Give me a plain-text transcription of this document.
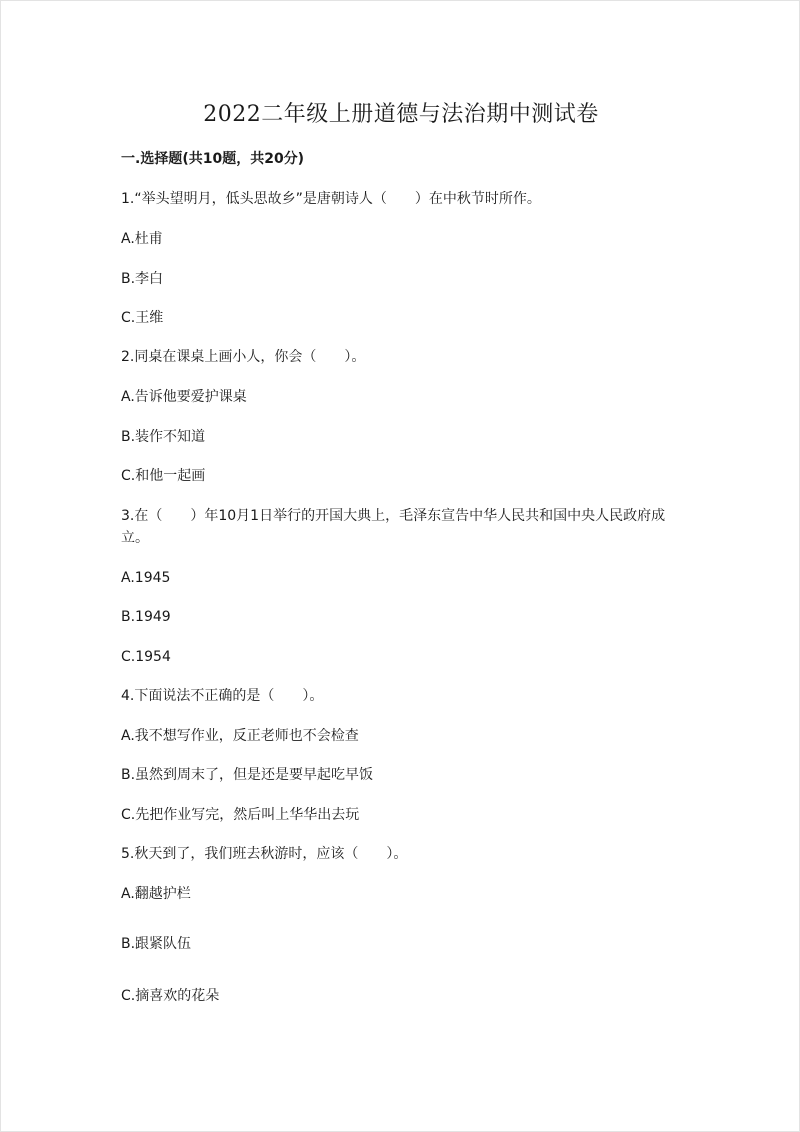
2022二年级上册道德与法治期中测试卷
一.选择题(共10题，共20分)
1.“举头望明月，低头思故乡”是唐朝诗人（　　）在中秋节时所作。
A.杜甫
B.李白
C.王维
2.同桌在课桌上画小人，你会（　　）。
A.告诉他要爱护课桌
B.装作不知道
C.和他一起画
3.在（　　）年10月1日举行的开国大典上，毛泽东宣告中华人民共和国中央人民政府成立。
A.1945
B.1949
C.1954
4.下面说法不正确的是（　　）。
A.我不想写作业，反正老师也不会检查
B.虽然到周末了，但是还是要早起吃早饭
C.先把作业写完，然后叫上华华出去玩
5.秋天到了，我们班去秋游时，应该（　　）。
A.翻越护栏
B.跟紧队伍
C.摘喜欢的花朵
